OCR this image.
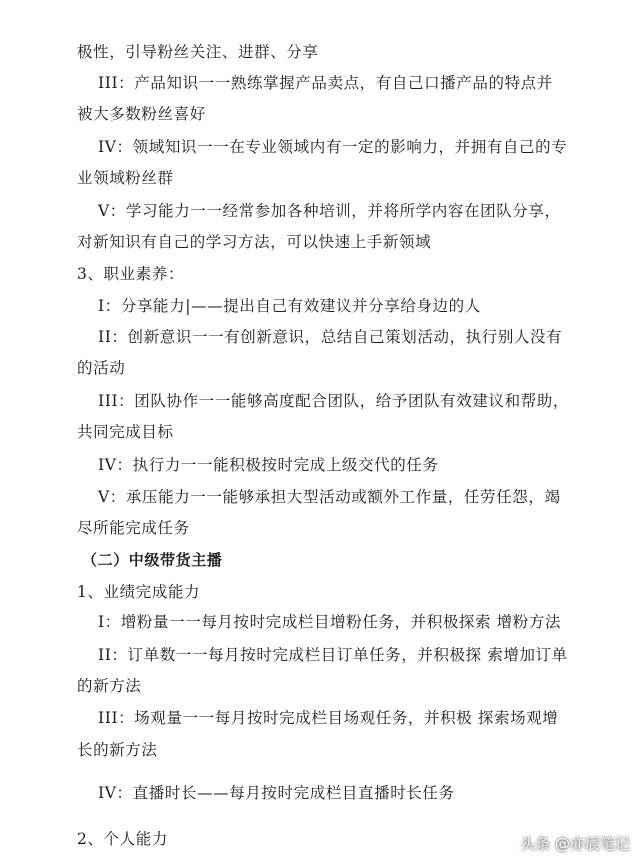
极性，引导粉丝关注、进群、分享
III：产品知识一一熟练掌握产品卖点，有自己口播产品的特点并
被大多数粉丝喜好
IV：领域知识一一在专业领域内有一定的影响力，并拥有自己的专
业领域粉丝群
V：学习能力一一经常参加各种培训，并将所学内容在团队分享，
对新知识有自己的学习方法，可以快速上手新领域
3、职业素养：
I：分享能力|——提出自己有效建议并分享给身边的人
II：创新意识一一有创新意识，总结自己策划活动，执行别人没有
的活动
III：团队协作一一能够高度配合团队，给予团队有效建议和帮助，
共同完成目标
IV：执行力一一能积极按时完成上级交代的任务
V：承压能力一一能够承担大型活动或额外工作量，任劳任怨，竭
尽所能完成任务
（二）中级带货主播
1、业绩完成能力
I：增粉量一一每月按时完成栏目增粉任务，并积极探索 增粉方法
II：订单数一一每月按时完成栏目订单任务，并积极探 索增加订单
的新方法
III：场观量一一每月按时完成栏目场观任务，并积极 探索场观增
长的新方法
IV：直播时长——每月按时完成栏目直播时长任务
2、个人能力	头条 @亦辰笔记
